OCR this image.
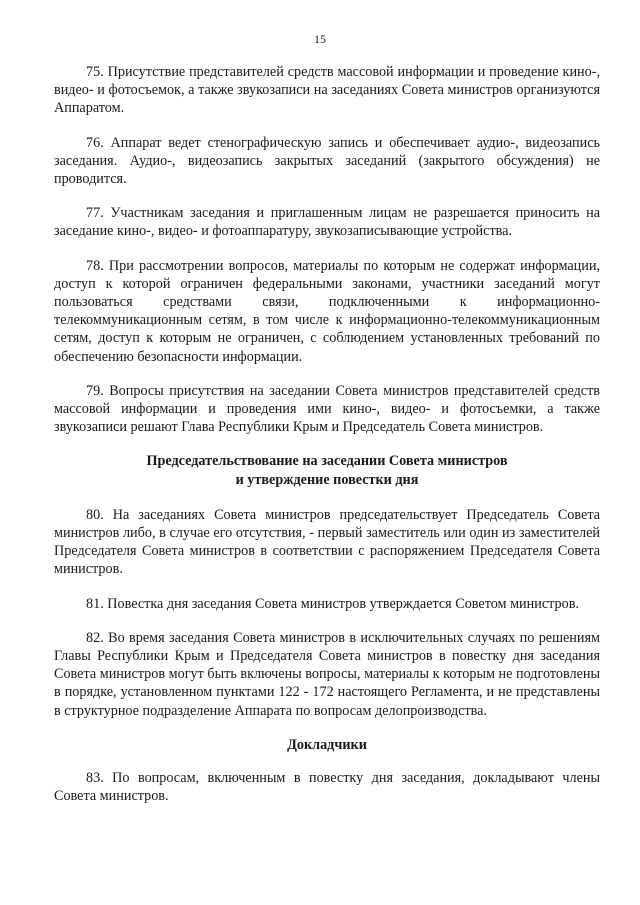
15

75. Присутствие представителей средств массовой информации и проведение кино-, видео- и фотосъемок, а также звукозаписи на заседаниях Совета министров организуются Аппаратом.

76. Аппарат ведет стенографическую запись и обеспечивает аудио-, видеозапись заседания. Аудио-, видеозапись закрытых заседаний (закрытого обсуждения) не проводится.

77. Участникам заседания и приглашенным лицам не разрешается приносить на заседание кино-, видео- и фотоаппаратуру, звукозаписывающие устройства.

78. При рассмотрении вопросов, материалы по которым не содержат информации, доступ к которой ограничен федеральными законами, участники заседаний могут пользоваться средствами связи, подключенными к информационно-телекоммуникационным сетям, в том числе к информационно-телекоммуникационным сетям, доступ к которым не ограничен, с соблюдением установленных требований по обеспечению безопасности информации.

79. Вопросы присутствия на заседании Совета министров представителей средств массовой информации и проведения ими кино-, видео- и фотосъемки, а также звукозаписи решают Глава Республики Крым и Председатель Совета министров.

Председательствование на заседании Совета министров
и утверждение повестки дня

80. На заседаниях Совета министров председательствует Председатель Совета министров либо, в случае его отсутствия, - первый заместитель или один из заместителей Председателя Совета министров в соответствии с распоряжением Председателя Совета министров.

81. Повестка дня заседания Совета министров утверждается Советом министров.

82. Во время заседания Совета министров в исключительных случаях по решениям Главы Республики Крым и Председателя Совета министров в повестку дня заседания Совета министров могут быть включены вопросы, материалы к которым не подготовлены в порядке, установленном пунктами 122 - 172 настоящего Регламента, и не представлены в структурное подразделение Аппарата по вопросам делопроизводства.

Докладчики

83. По вопросам, включенным в повестку дня заседания, докладывают члены Совета министров.
